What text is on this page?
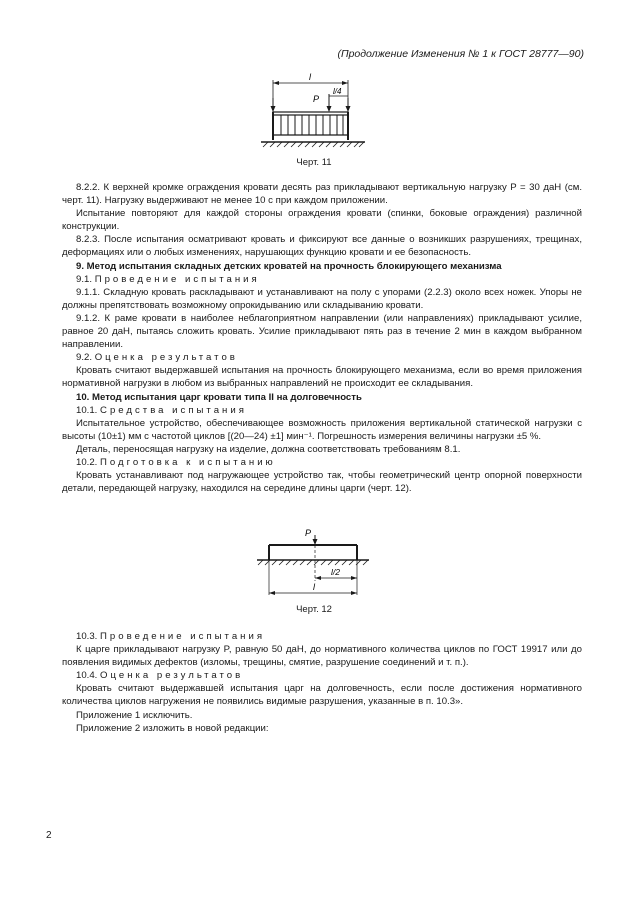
(Продолжение Изменения № 1 к ГОСТ 28777—90)
l
P
l/4
Черт. 11

8.2.2. К верхней кромке ограждения кровати десять раз прикладывают вертикальную нагрузку P = 30 даН (см. черт. 11). Нагрузку выдерживают не менее 10 с при каждом приложении.

Испытание повторяют для каждой стороны ограждения кровати (спинки, боковые ограждения) различной конструкции.

8.2.3. После испытания осматривают кровать и фиксируют все данные о возникших разрушениях, трещинах, деформациях или о любых изменениях, нарушающих функцию кровати и ее безопасность.

9. Метод испытания складных детских кроватей на прочность блокирующего механизма

9.1. Проведение испытания

9.1.1. Складную кровать раскладывают и устанавливают на полу с упорами (2.2.3) около всех ножек. Упоры не должны препятствовать возможному опрокидыванию или складыванию кровати.

9.1.2. К раме кровати в наиболее неблагоприятном направлении (или направлениях) прикладывают усилие, равное 20 даН, пытаясь сложить кровать. Усилие прикладывают пять раз в течение 2 мин в каждом выбранном направлении.

9.2. Оценка результатов

Кровать считают выдержавшей испытания на прочность блокирующего механизма, если во время приложения нормативной нагрузки в любом из выбранных направлений не происходит ее складывания.

10. Метод испытания царг кровати типа II на долговечность

10.1. Средства испытания

Испытательное устройство, обеспечивающее возможность приложения вертикальной статической нагрузки с высоты (10±1) мм с частотой циклов [(20—24) ±1] мин⁻¹. Погрешность измерения величины нагрузки ±5 %.

Деталь, переносящая нагрузку на изделие, должна соответствовать требованиям 8.1.

10.2. Подготовка к испытанию

Кровать устанавливают под нагружающее устройство так, чтобы геометрический центр опорной поверхности детали, передающей нагрузку, находился на середине длины царги (черт. 12).

P
l/2
l
Черт. 12

10.3. Проведение испытания

К царге прикладывают нагрузку P, равную 50 даН, до нормативного количества циклов по ГОСТ 19917 или до появления видимых дефектов (изломы, трещины, смятие, разрушение соединений и т. п.).

10.4. Оценка результатов

Кровать считают выдержавшей испытания царг на долговечность, если после достижения нормативного количества циклов нагружения не появились видимые разрушения, указанные в п. 10.3».

Приложение 1 исключить.

Приложение 2 изложить в новой редакции:

2
